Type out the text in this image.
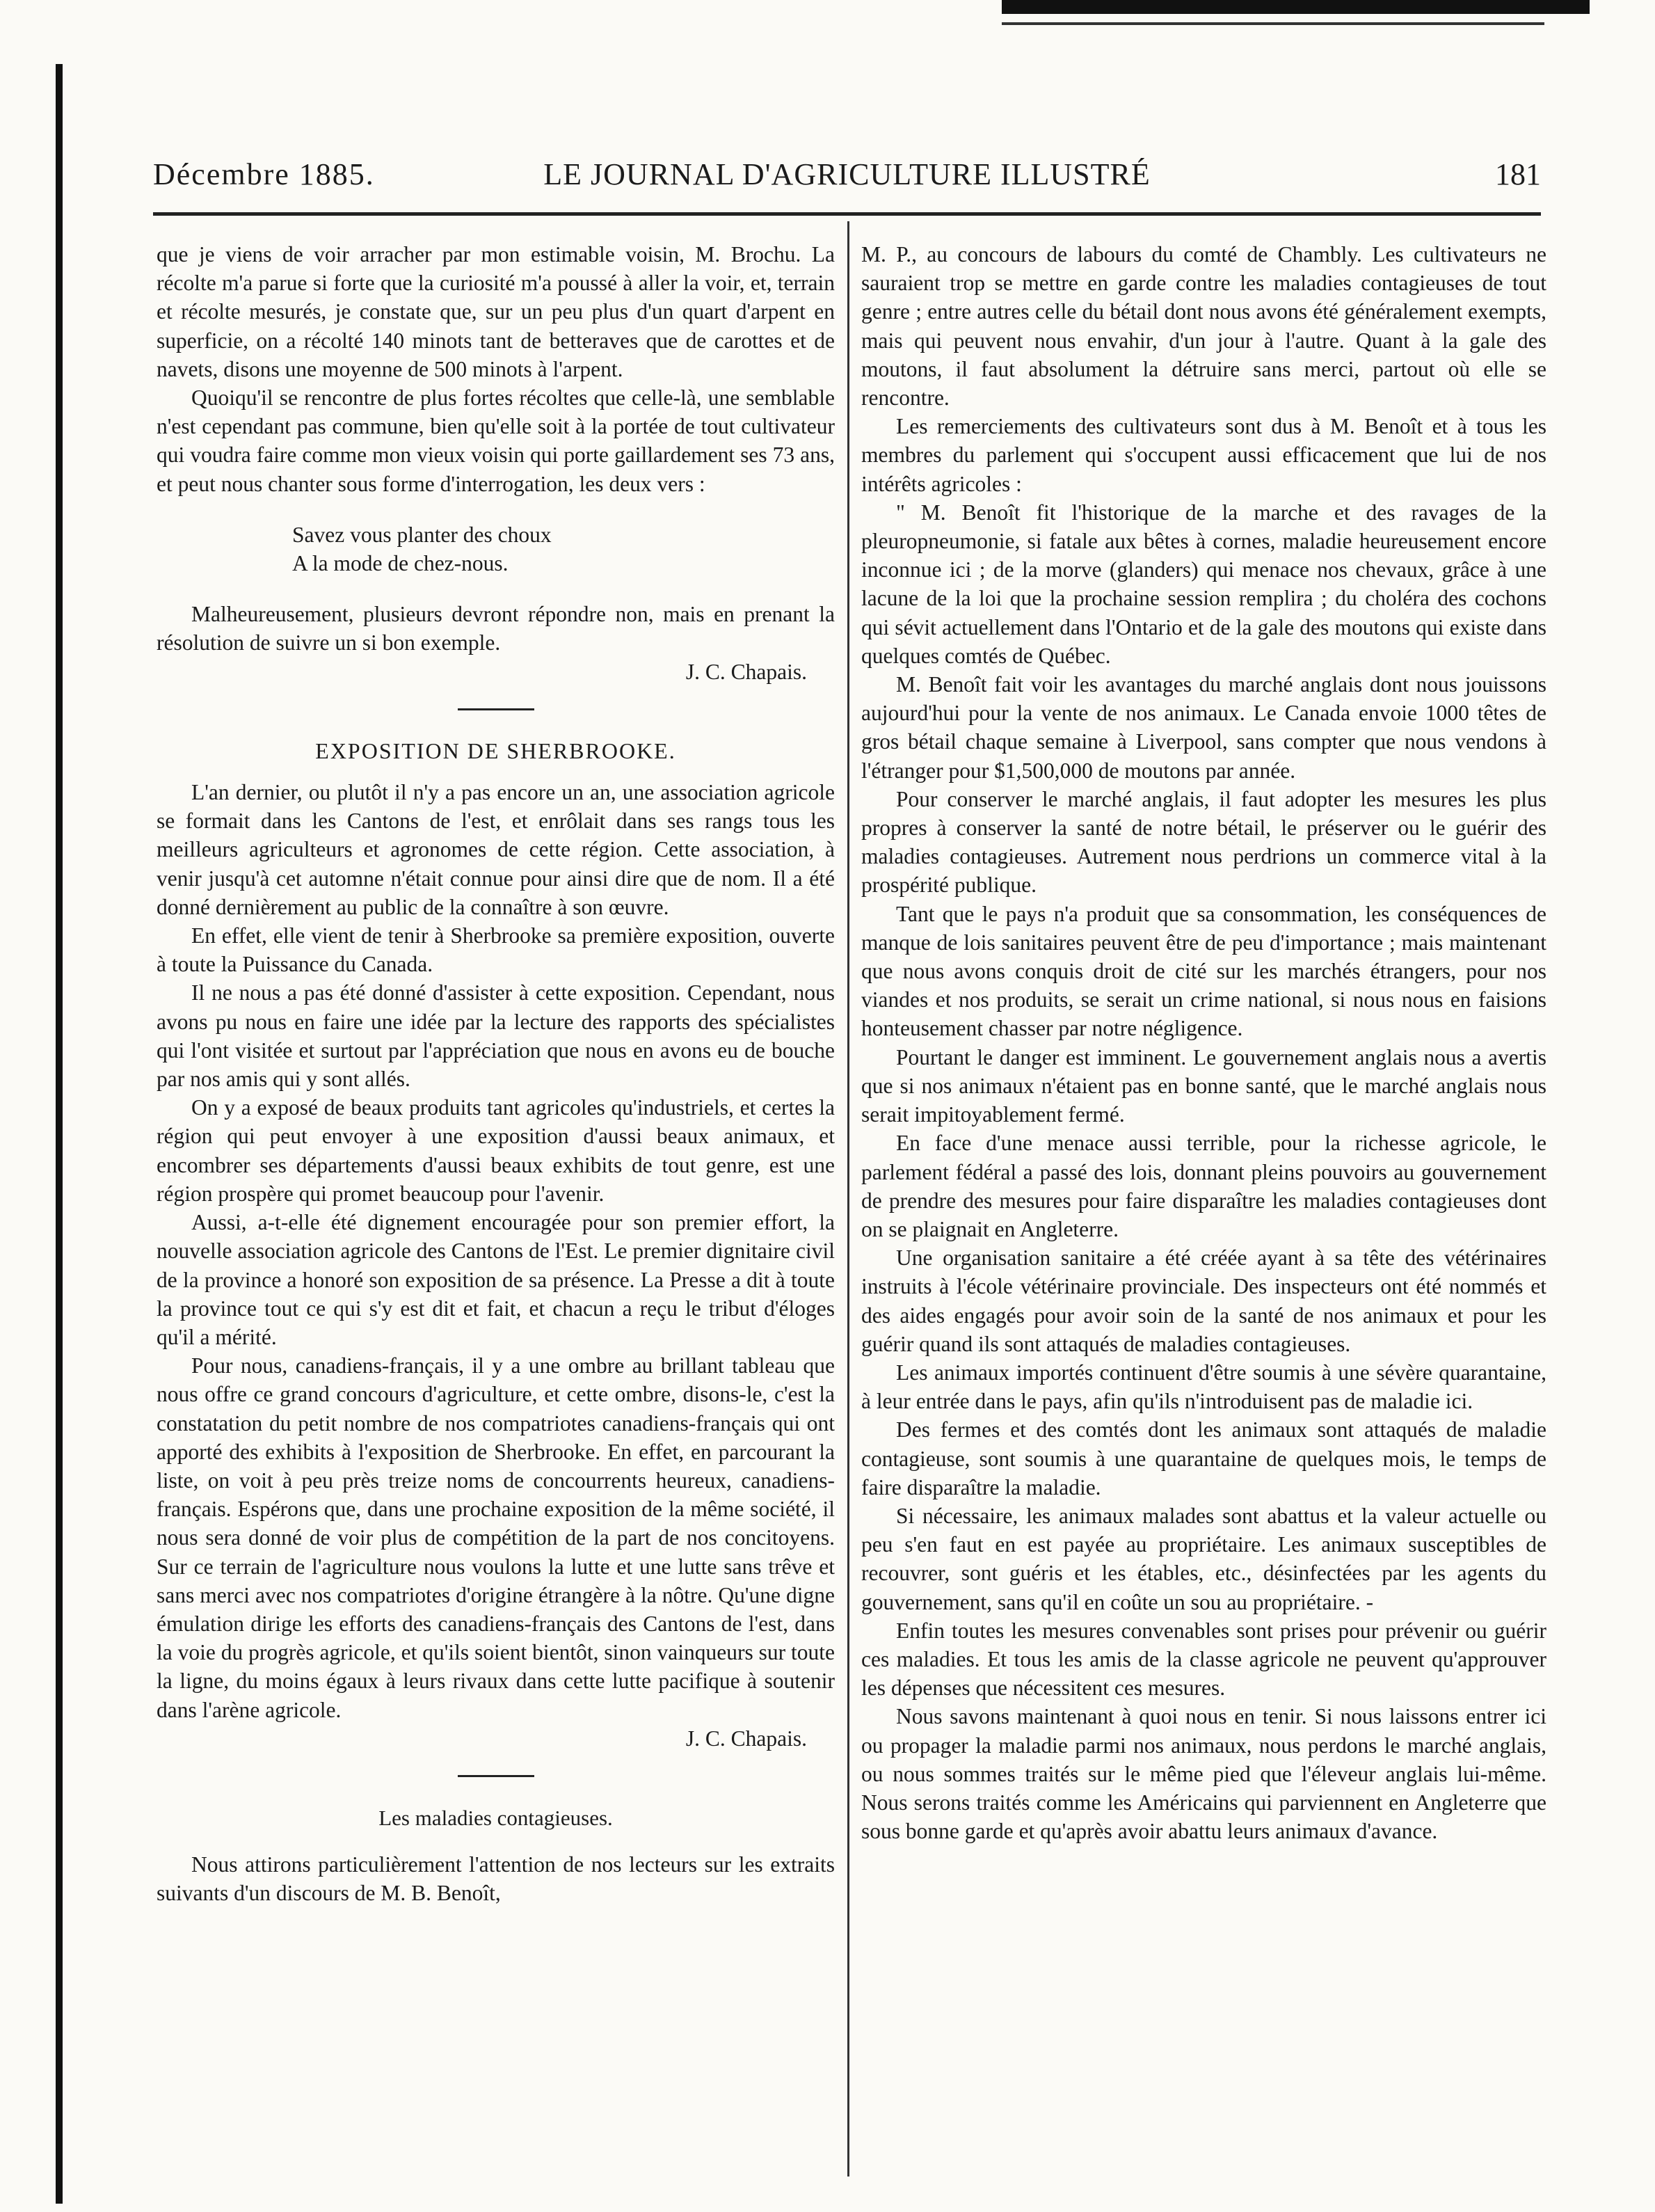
Décembre 1885.	LE JOURNAL D'AGRICULTURE ILLUSTRÉ	181

que je viens de voir arracher par mon estimable voisin, M. Brochu. La récolte m'a parue si forte que la curiosité m'a poussé à aller la voir, et, terrain et récolte mesurés, je constate que, sur un peu plus d'un quart d'arpent en superficie, on a récolté 140 minots tant de betteraves que de carottes et de navets, disons une moyenne de 500 minots à l'arpent.

Quoiqu'il se rencontre de plus fortes récoltes que celle-là, une semblable n'est cependant pas commune, bien qu'elle soit à la portée de tout cultivateur qui voudra faire comme mon vieux voisin qui porte gaillardement ses 73 ans, et peut nous chanter sous forme d'interrogation, les deux vers :

Savez vous planter des choux
A la mode de chez-nous.

Malheureusement, plusieurs devront répondre non, mais en prenant la résolution de suivre un si bon exemple.

J. C. Chapais.

EXPOSITION DE SHERBROOKE.

L'an dernier, ou plutôt il n'y a pas encore un an, une association agricole se formait dans les Cantons de l'est, et enrôlait dans ses rangs tous les meilleurs agriculteurs et agronomes de cette région. Cette association, à venir jusqu'à cet automne n'était connue pour ainsi dire que de nom. Il a été donné dernièrement au public de la connaître à son œuvre.

En effet, elle vient de tenir à Sherbrooke sa première exposition, ouverte à toute la Puissance du Canada.

Il ne nous a pas été donné d'assister à cette exposition. Cependant, nous avons pu nous en faire une idée par la lecture des rapports des spécialistes qui l'ont visitée et surtout par l'appréciation que nous en avons eu de bouche par nos amis qui y sont allés.

On y a exposé de beaux produits tant agricoles qu'industriels, et certes la région qui peut envoyer à une exposition d'aussi beaux animaux, et encombrer ses départements d'aussi beaux exhibits de tout genre, est une région prospère qui promet beaucoup pour l'avenir.

Aussi, a-t-elle été dignement encouragée pour son premier effort, la nouvelle association agricole des Cantons de l'Est. Le premier dignitaire civil de la province a honoré son exposition de sa présence. La Presse a dit à toute la province tout ce qui s'y est dit et fait, et chacun a reçu le tribut d'éloges qu'il a mérité.

Pour nous, canadiens-français, il y a une ombre au brillant tableau que nous offre ce grand concours d'agriculture, et cette ombre, disons-le, c'est la constatation du petit nombre de nos compatriotes canadiens-français qui ont apporté des exhibits à l'exposition de Sherbrooke. En effet, en parcourant la liste, on voit à peu près treize noms de concourrents heureux, canadiens-français. Espérons que, dans une prochaine exposition de la même société, il nous sera donné de voir plus de compétition de la part de nos concitoyens. Sur ce terrain de l'agriculture nous voulons la lutte et une lutte sans trêve et sans merci avec nos compatriotes d'origine étrangère à la nôtre. Qu'une digne émulation dirige les efforts des canadiens-français des Cantons de l'est, dans la voie du progrès agricole, et qu'ils soient bientôt, sinon vainqueurs sur toute la ligne, du moins égaux à leurs rivaux dans cette lutte pacifique à soutenir dans l'arène agricole.

J. C. Chapais.

Les maladies contagieuses.

Nous attirons particulièrement l'attention de nos lecteurs sur les extraits suivants d'un discours de M. B. Benoît,

M. P., au concours de labours du comté de Chambly. Les cultivateurs ne sauraient trop se mettre en garde contre les maladies contagieuses de tout genre ; entre autres celle du bétail dont nous avons été généralement exempts, mais qui peuvent nous envahir, d'un jour à l'autre. Quant à la gale des moutons, il faut absolument la détruire sans merci, partout où elle se rencontre.

Les remerciements des cultivateurs sont dus à M. Benoît et à tous les membres du parlement qui s'occupent aussi efficacement que lui de nos intérêts agricoles :

" M. Benoît fit l'historique de la marche et des ravages de la pleuropneumonie, si fatale aux bêtes à cornes, maladie heureusement encore inconnue ici ; de la morve (glanders) qui menace nos chevaux, grâce à une lacune de la loi que la prochaine session remplira ; du choléra des cochons qui sévit actuellement dans l'Ontario et de la gale des moutons qui existe dans quelques comtés de Québec.

M. Benoît fait voir les avantages du marché anglais dont nous jouissons aujourd'hui pour la vente de nos animaux. Le Canada envoie 1000 têtes de gros bétail chaque semaine à Liverpool, sans compter que nous vendons à l'étranger pour $1,500,000 de moutons par année.

Pour conserver le marché anglais, il faut adopter les mesures les plus propres à conserver la santé de notre bétail, le préserver ou le guérir des maladies contagieuses. Autrement nous perdrions un commerce vital à la prospérité publique.

Tant que le pays n'a produit que sa consommation, les conséquences de manque de lois sanitaires peuvent être de peu d'importance ; mais maintenant que nous avons conquis droit de cité sur les marchés étrangers, pour nos viandes et nos produits, se serait un crime national, si nous nous en faisions honteusement chasser par notre négligence.

Pourtant le danger est imminent. Le gouvernement anglais nous a avertis que si nos animaux n'étaient pas en bonne santé, que le marché anglais nous serait impitoyablement fermé.

En face d'une menace aussi terrible, pour la richesse agricole, le parlement fédéral a passé des lois, donnant pleins pouvoirs au gouvernement de prendre des mesures pour faire disparaître les maladies contagieuses dont on se plaignait en Angleterre.

Une organisation sanitaire a été créée ayant à sa tête des vétérinaires instruits à l'école vétérinaire provinciale. Des inspecteurs ont été nommés et des aides engagés pour avoir soin de la santé de nos animaux et pour les guérir quand ils sont attaqués de maladies contagieuses.

Les animaux importés continuent d'être soumis à une sévère quarantaine, à leur entrée dans le pays, afin qu'ils n'introduisent pas de maladie ici.

Des fermes et des comtés dont les animaux sont attaqués de maladie contagieuse, sont soumis à une quarantaine de quelques mois, le temps de faire disparaître la maladie.

Si nécessaire, les animaux malades sont abattus et la valeur actuelle ou peu s'en faut en est payée au propriétaire. Les animaux susceptibles de recouvrer, sont guéris et les étables, etc., désinfectées par les agents du gouvernement, sans qu'il en coûte un sou au propriétaire. -

Enfin toutes les mesures convenables sont prises pour prévenir ou guérir ces maladies. Et tous les amis de la classe agricole ne peuvent qu'approuver les dépenses que nécessitent ces mesures.

Nous savons maintenant à quoi nous en tenir. Si nous laissons entrer ici ou propager la maladie parmi nos animaux, nous perdons le marché anglais, ou nous sommes traités sur le même pied que l'éleveur anglais lui-même. Nous serons traités comme les Américains qui parviennent en Angleterre que sous bonne garde et qu'après avoir abattu leurs animaux d'avance.
